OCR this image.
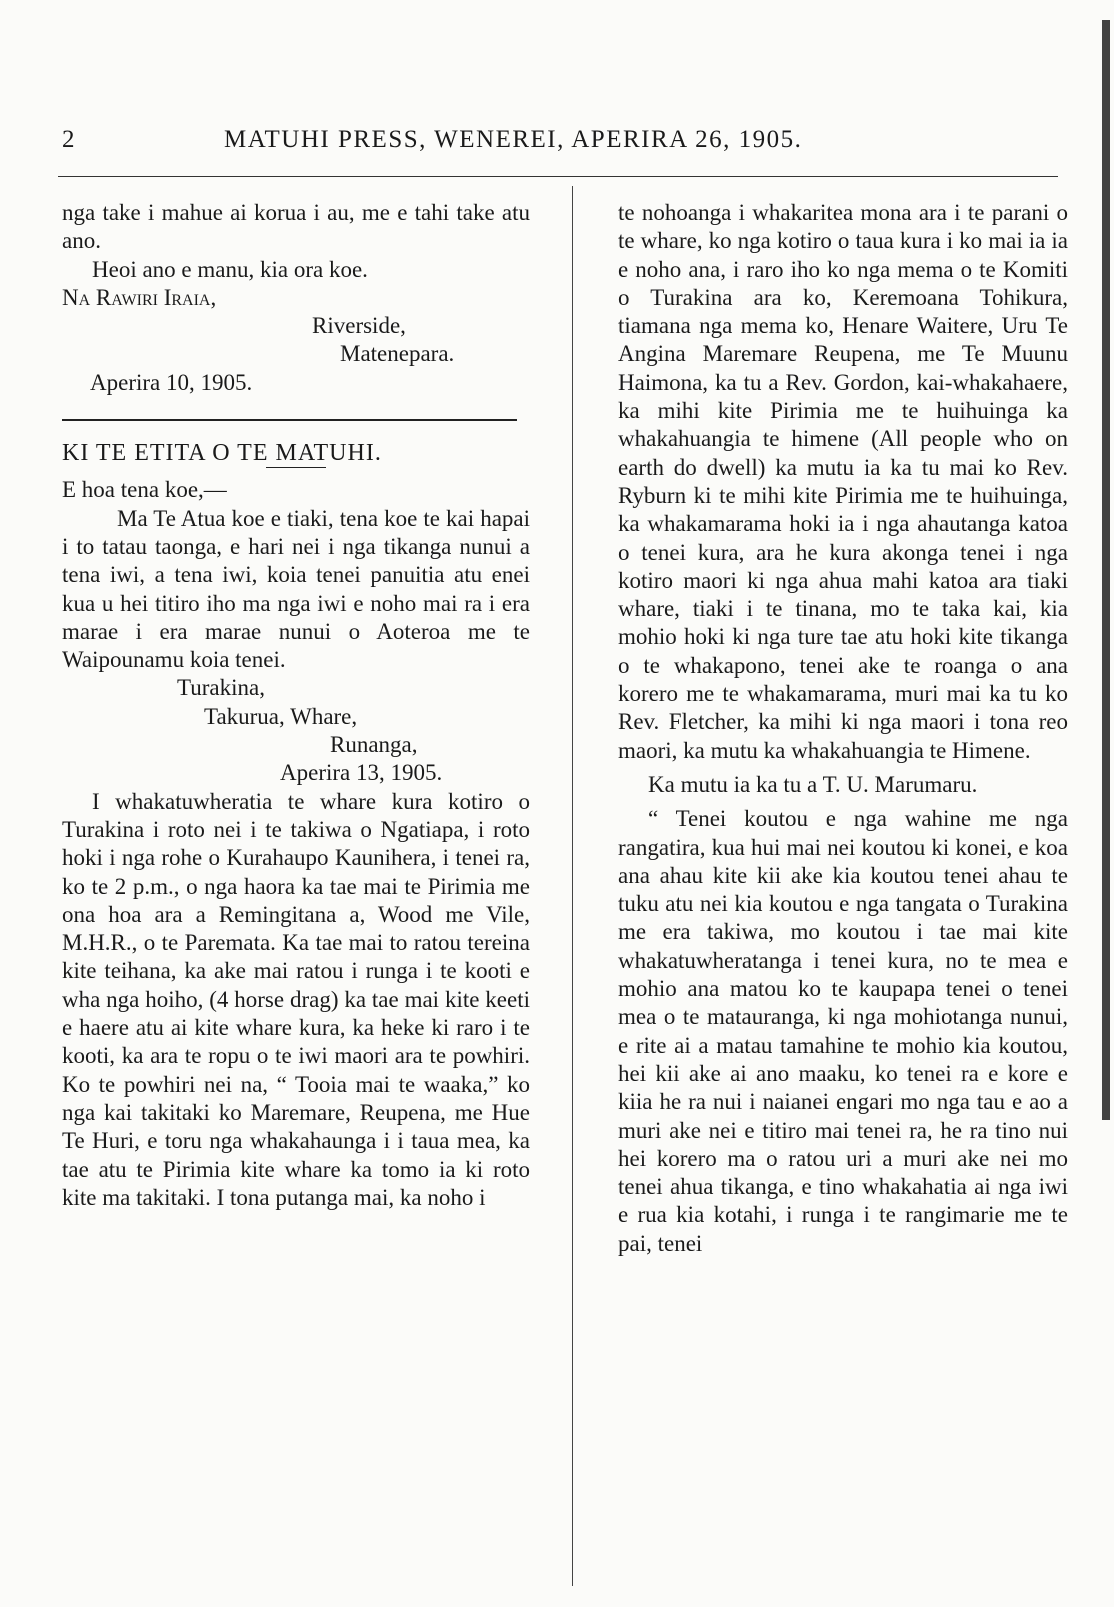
2	MATUHI PRESS, WENEREI, APERIRA 26, 1905.

nga take i mahue ai korua i au, me e tahi take atu ano.

Heoi ano e manu, kia ora koe.

Na Rawiri Iraia,

Riverside,

Matenepara.

Aperira 10, 1905.

KI TE ETITA O TE MATUHI.

E hoa tena koe,—

Ma Te Atua koe e tiaki, tena koe te kai hapai i to tatau taonga, e hari nei i nga tikanga nunui a tena iwi, a tena iwi, koia tenei panuitia atu enei kua u hei titiro iho ma nga iwi e noho mai ra i era marae i era marae nunui o Aoteroa me te Waipounamu koia tenei.

Turakina,

Takurua, Whare,

Runanga,

Aperira 13, 1905.

I whakatuwheratia te whare kura kotiro o Turakina i roto nei i te takiwa o Ngatiapa, i roto hoki i nga rohe o Kurahaupo Kaunihera, i tenei ra, ko te 2 p.m., o nga haora ka tae mai te Pirimia me ona hoa ara a Remingitana a, Wood me Vile, M.H.R., o te Paremata. Ka tae mai to ratou tereina kite teihana, ka ake mai ratou i runga i te kooti e wha nga hoiho, (4 horse drag) ka tae mai kite keeti e haere atu ai kite whare kura, ka heke ki raro i te kooti, ka ara te ropu o te iwi maori ara te powhiri. Ko te powhiri nei na, “ Tooia mai te waaka,” ko nga kai takitaki ko Maremare, Reupena, me Hue Te Huri, e toru nga whakahaunga i i taua mea, ka tae atu te Pirimia kite whare ka tomo ia ki roto kite ma takitaki. I tona putanga mai, ka noho i

te nohoanga i whakaritea mona ara i te parani o te whare, ko nga kotiro o taua kura i ko mai ia ia e noho ana, i raro iho ko nga mema o te Komiti o Turakina ara ko, Keremoana Tohikura, tiamana nga mema ko, Henare Waitere, Uru Te Angina Maremare Reupena, me Te Muunu Haimona, ka tu a Rev. Gordon, kai-whakahaere, ka mihi kite Pirimia me te huihuinga ka whakahuangia te himene (All people who on earth do dwell) ka mutu ia ka tu mai ko Rev. Ryburn ki te mihi kite Pirimia me te huihuinga, ka whakamarama hoki ia i nga ahautanga katoa o tenei kura, ara he kura akonga tenei i nga kotiro maori ki nga ahua mahi katoa ara tiaki whare, tiaki i te tinana, mo te taka kai, kia mohio hoki ki nga ture tae atu hoki kite tikanga o te whakapono, tenei ake te roanga o ana korero me te whakamarama, muri mai ka tu ko Rev. Fletcher, ka mihi ki nga maori i tona reo maori, ka mutu ka whakahuangia te Himene.

Ka mutu ia ka tu a T. U. Marumaru.

“ Tenei koutou e nga wahine me nga rangatira, kua hui mai nei koutou ki konei, e koa ana ahau kite kii ake kia koutou tenei ahau te tuku atu nei kia koutou e nga tangata o Turakina me era takiwa, mo koutou i tae mai kite whakatuwheratanga i tenei kura, no te mea e mohio ana matou ko te kaupapa tenei o tenei mea o te matauranga, ki nga mohiotanga nunui, e rite ai a matau tamahine te mohio kia koutou, hei kii ake ai ano maaku, ko tenei ra e kore e kiia he ra nui i naianei engari mo nga tau e ao a muri ake nei e titiro mai tenei ra, he ra tino nui hei korero ma o ratou uri a muri ake nei mo tenei ahua tikanga, e tino whakahatia ai nga iwi e rua kia kotahi, i runga i te rangimarie me te pai, tenei
